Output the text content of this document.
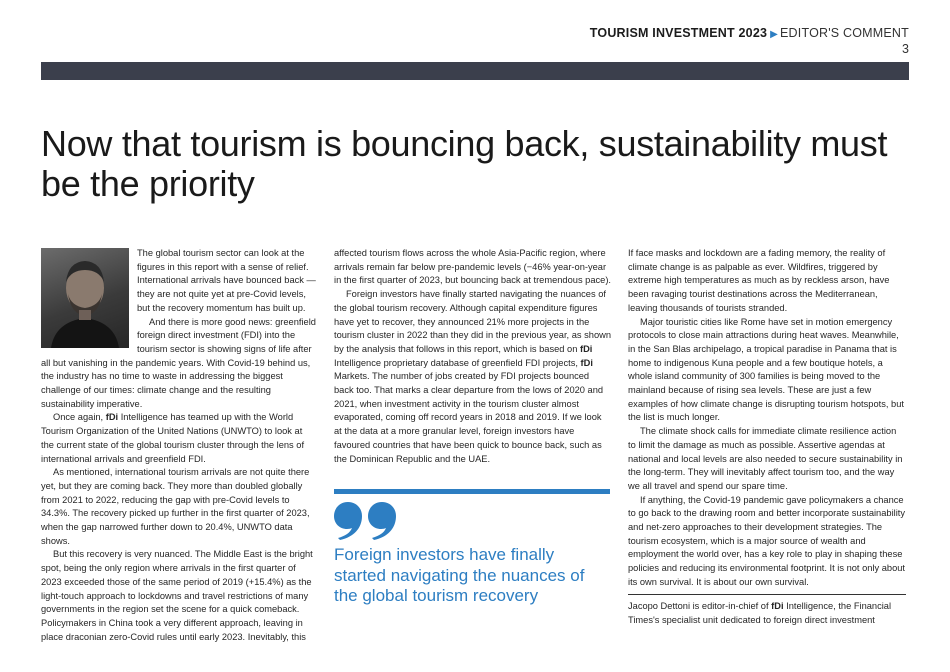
TOURISM INVESTMENT 2023 ▶ EDITOR'S COMMENT
3
Now that tourism is bouncing back, sustainability must be the priority

The global tourism sector can look at the figures in this report with a sense of relief. International arrivals have bounced back — they are not quite yet at pre-Covid levels, but the recovery momentum has built up.

And there is more good news: greenfield foreign direct investment (FDI) into the tourism sector is showing signs of life after all but vanishing in the pandemic years. With Covid-19 behind us, the industry has no time to waste in addressing the biggest challenge of our times: climate change and the resulting sustainability imperative.

Once again, fDi Intelligence has teamed up with the World Tourism Organization of the United Nations (UNWTO) to look at the current state of the global tourism cluster through the lens of international arrivals and greenfield FDI.

As mentioned, international tourism arrivals are not quite there yet, but they are coming back. They more than doubled globally from 2021 to 2022, reducing the gap with pre-Covid levels to 34.3%. The recovery picked up further in the first quarter of 2023, when the gap narrowed further down to 20.4%, UNWTO data shows.

But this recovery is very nuanced. The Middle East is the bright spot, being the only region where arrivals in the first quarter of 2023 exceeded those of the same period of 2019 (+15.4%) as the light-touch approach to lockdowns and travel restrictions of many governments in the region set the scene for a quick comeback. Policymakers in China took a very different approach, leaving in place draconian zero-Covid rules until early 2023. Inevitably, this

affected tourism flows across the whole Asia-Pacific region, where arrivals remain far below pre-pandemic levels (−46% year-on-year in the first quarter of 2023, but bouncing back at tremendous pace).

Foreign investors have finally started navigating the nuances of the global tourism recovery. Although capital expenditure figures have yet to recover, they announced 21% more projects in the tourism cluster in 2022 than they did in the previous year, as shown by the analysis that follows in this report, which is based on fDi Intelligence proprietary database of greenfield FDI projects, fDi Markets. The number of jobs created by FDI projects bounced back too. That marks a clear departure from the lows of 2020 and 2021, when investment activity in the tourism cluster almost evaporated, coming off record years in 2018 and 2019. If we look at the data at a more granular level, foreign investors have favoured countries that have been quick to bounce back, such as the Dominican Republic and the UAE.

Foreign investors have finally started navigating the nuances of the global tourism recovery

If face masks and lockdown are a fading memory, the reality of climate change is as palpable as ever. Wildfires, triggered by extreme high temperatures as much as by reckless arson, have been ravaging tourist destinations across the Mediterranean, leaving thousands of tourists stranded.

Major touristic cities like Rome have set in motion emergency protocols to close main attractions during heat waves. Meanwhile, in the San Blas archipelago, a tropical paradise in Panama that is home to indigenous Kuna people and a few boutique hotels, a whole island community of 300 families is being moved to the mainland because of rising sea levels. These are just a few examples of how climate change is disrupting tourism hotspots, but the list is much longer.

The climate shock calls for immediate climate resilience action to limit the damage as much as possible. Assertive agendas at national and local levels are also needed to secure sustainability in the long-term. They will inevitably affect tourism too, and the way we all travel and spend our spare time.

If anything, the Covid-19 pandemic gave policymakers a chance to go back to the drawing room and better incorporate sustainability and net-zero approaches to their development strategies. The tourism ecosystem, which is a major source of wealth and employment the world over, has a key role to play in shaping these policies and reducing its environmental footprint. It is not only about its own survival. It is about our own survival.

Jacopo Dettoni is editor-in-chief of fDi Intelligence, the Financial Times's specialist unit dedicated to foreign direct investment
